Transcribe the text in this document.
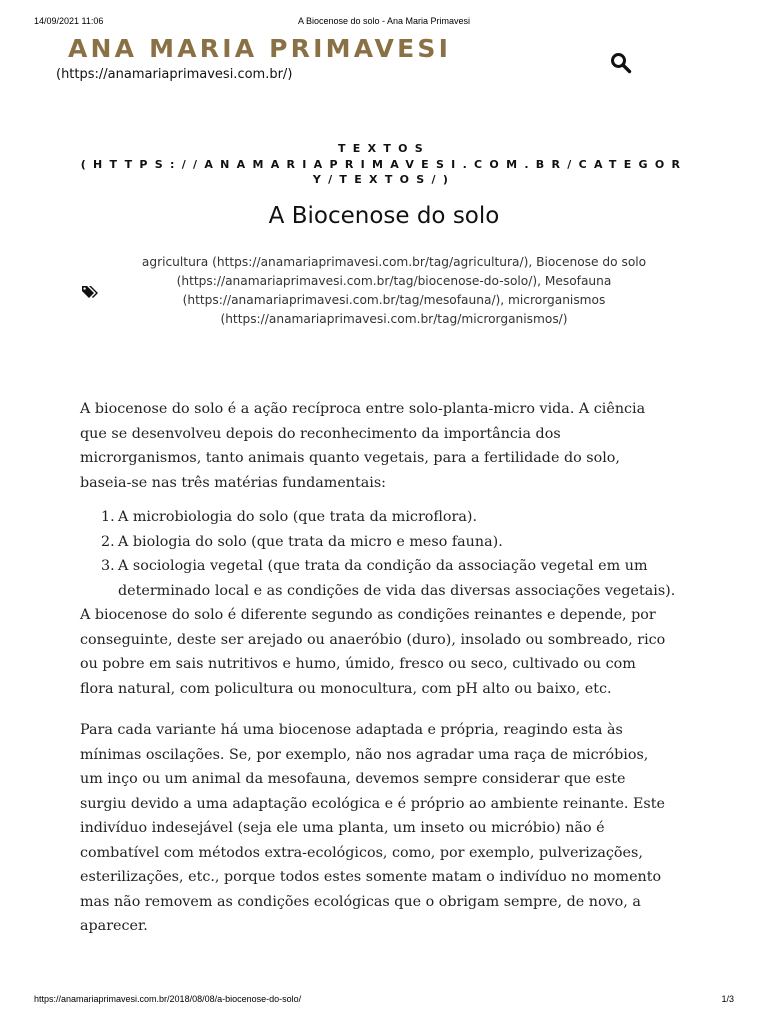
14/09/2021 11:06	A Biocenose do solo - Ana Maria Primavesi
ANA MARIA PRIMAVESI
(https://anamariaprimavesi.com.br/)
TEXTOS
(HTTPS://ANAMARIAPRIMAVESI.COM.BR/CATEGOR
Y/TEXTOS/)
A Biocenose do solo
agricultura (https://anamariaprimavesi.com.br/tag/agricultura/), Biocenose do solo
(https://anamariaprimavesi.com.br/tag/biocenose-do-solo/), Mesofauna
(https://anamariaprimavesi.com.br/tag/mesofauna/), microrganismos
(https://anamariaprimavesi.com.br/tag/microrganismos/)

A biocenose do solo é a ação recíproca entre solo-planta-micro vida. A ciência
que se desenvolveu depois do reconhecimento da importância dos
microrganismos, tanto animais quanto vegetais, para a fertilidade do solo,
baseia-se nas três matérias fundamentais:

1. A microbiologia do solo (que trata da microflora).
2. A biologia do solo (que trata da micro e meso fauna).
3. A sociologia vegetal (que trata da condição da associação vegetal em um
determinado local e as condições de vida das diversas associações vegetais).

A biocenose do solo é diferente segundo as condições reinantes e depende, por
conseguinte, deste ser arejado ou anaeróbio (duro), insolado ou sombreado, rico
ou pobre em sais nutritivos e humo, úmido, fresco ou seco, cultivado ou com
flora natural, com policultura ou monocultura, com pH alto ou baixo, etc.

Para cada variante há uma biocenose adaptada e própria, reagindo esta às
mínimas oscilações. Se, por exemplo, não nos agradar uma raça de micróbios,
um inço ou um animal da mesofauna, devemos sempre considerar que este
surgiu devido a uma adaptação ecológica e é próprio ao ambiente reinante. Este
indivíduo indesejável (seja ele uma planta, um inseto ou micróbio) não é
combatível com métodos extra-ecológicos, como, por exemplo, pulverizações,
esterilizações, etc., porque todos estes somente matam o indivíduo no momento
mas não removem as condições ecológicas que o obrigam sempre, de novo, a
aparecer.

https://anamariaprimavesi.com.br/2018/08/08/a-biocenose-do-solo/	1/3
